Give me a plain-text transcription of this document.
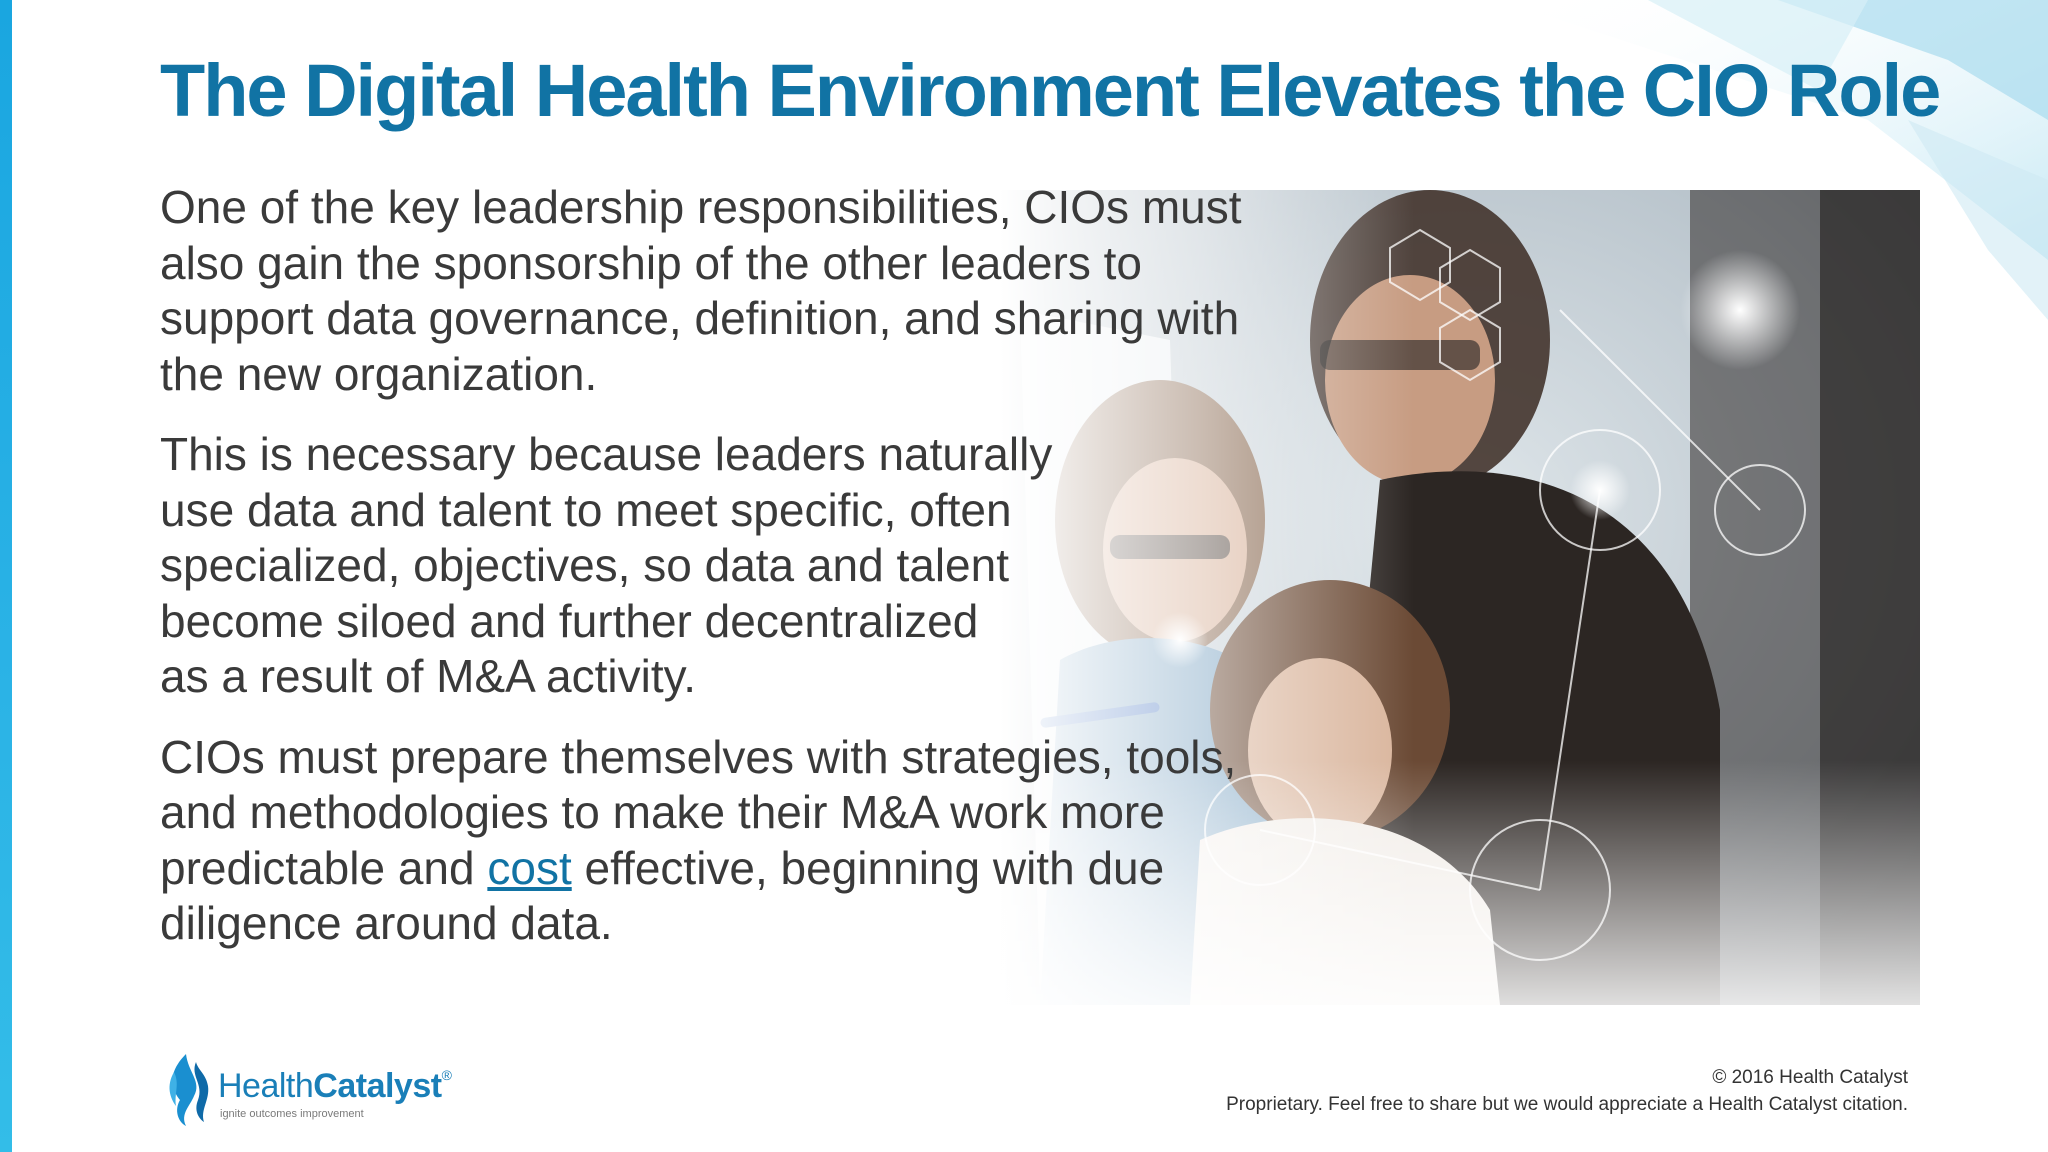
The Digital Health Environment Elevates the CIO Role

One of the key leadership responsibilities, CIOs must also gain the sponsorship of the other leaders to support data governance, definition, and sharing with the new organization.

This is necessary because leaders naturally
use data and talent to meet specific, often
specialized, objectives, so data and talent
become siloed and further decentralized
as a result of M&A activity.

CIOs must prepare themselves with strategies, tools, and methodologies to make their M&A work more predictable and cost effective, beginning with due diligence around data.

HealthCatalyst®
ignite outcomes improvement
© 2016 Health Catalyst
Proprietary. Feel free to share but we would appreciate a Health Catalyst citation.
